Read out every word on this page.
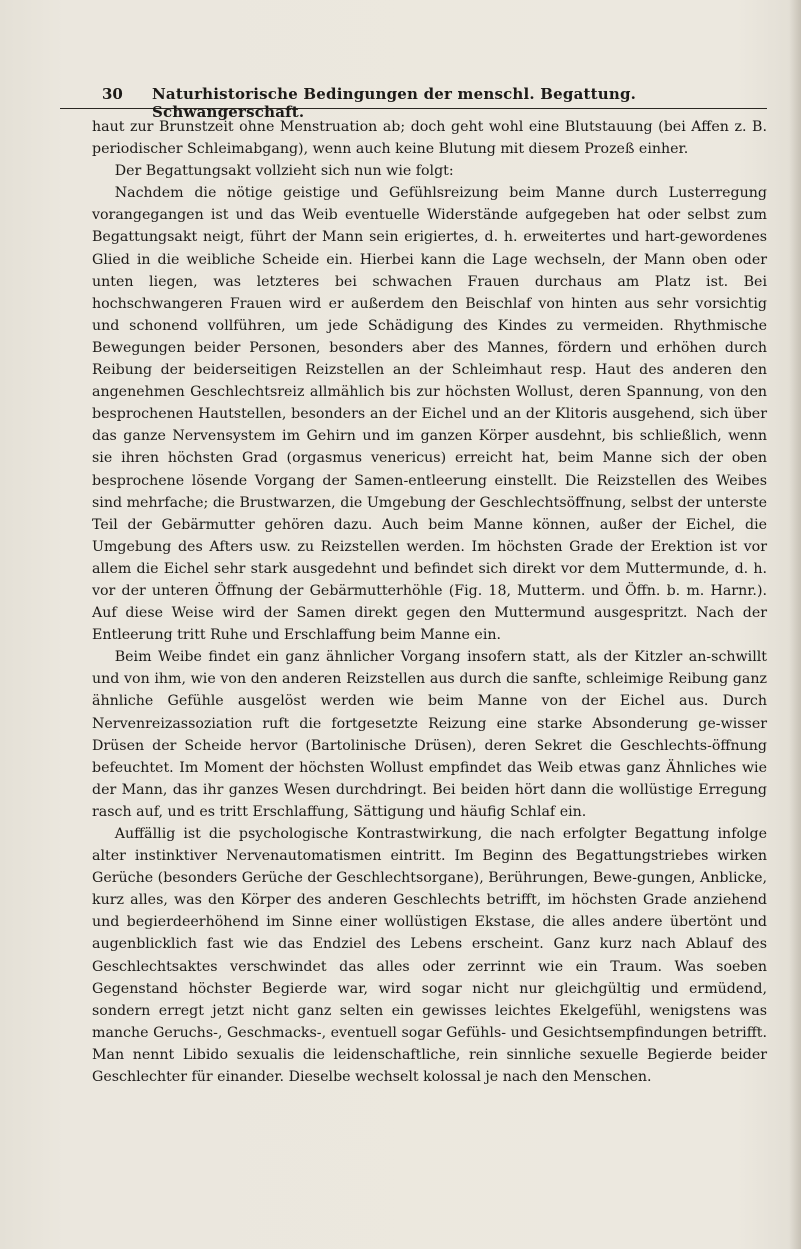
30 Naturhistorische Bedingungen der menschl. Begattung. Schwangerschaft.

haut zur Brunstzeit ohne Menstruation ab; doch geht wohl eine Blutstauung (bei Affen z. B. periodischer Schleimabgang), wenn auch keine Blutung mit diesem Prozeß einher.

Der Begattungsakt vollzieht sich nun wie folgt:

Nachdem die nötige geistige und Gefühlsreizung beim Manne durch Lusterregung vorangegangen ist und das Weib eventuelle Widerstände aufgegeben hat oder selbst zum Begattungsakt neigt, führt der Mann sein erigiertes, d. h. erweitertes und hart-gewordenes Glied in die weibliche Scheide ein. Hierbei kann die Lage wechseln, der Mann oben oder unten liegen, was letzteres bei schwachen Frauen durchaus am Platz ist. Bei hochschwangeren Frauen wird er außerdem den Beischlaf von hinten aus sehr vorsichtig und schonend vollführen, um jede Schädigung des Kindes zu vermeiden. Rhythmische Bewegungen beider Personen, besonders aber des Mannes, fördern und erhöhen durch Reibung der beiderseitigen Reizstellen an der Schleimhaut resp. Haut des anderen den angenehmen Geschlechtsreiz allmählich bis zur höchsten Wollust, deren Spannung, von den besprochenen Hautstellen, besonders an der Eichel und an der Klitoris ausgehend, sich über das ganze Nervensystem im Gehirn und im ganzen Körper ausdehnt, bis schließlich, wenn sie ihren höchsten Grad (orgasmus venericus) erreicht hat, beim Manne sich der oben besprochene lösende Vorgang der Samen-entleerung einstellt. Die Reizstellen des Weibes sind mehrfache; die Brustwarzen, die Umgebung der Geschlechtsöffnung, selbst der unterste Teil der Gebärmutter gehören dazu. Auch beim Manne können, außer der Eichel, die Umgebung des Afters usw. zu Reizstellen werden. Im höchsten Grade der Erektion ist vor allem die Eichel sehr stark ausgedehnt und befindet sich direkt vor dem Muttermunde, d. h. vor der unteren Öffnung der Gebärmutterhöhle (Fig. 18, Mutterm. und Öffn. b. m. Harnr.). Auf diese Weise wird der Samen direkt gegen den Muttermund ausgespritzt. Nach der Entleerung tritt Ruhe und Erschlaffung beim Manne ein.

Beim Weibe findet ein ganz ähnlicher Vorgang insofern statt, als der Kitzler an-schwillt und von ihm, wie von den anderen Reizstellen aus durch die sanfte, schleimige Reibung ganz ähnliche Gefühle ausgelöst werden wie beim Manne von der Eichel aus. Durch Nervenreizassoziation ruft die fortgesetzte Reizung eine starke Absonderung ge-wisser Drüsen der Scheide hervor (Bartolinische Drüsen), deren Sekret die Geschlechts-öffnung befeuchtet. Im Moment der höchsten Wollust empfindet das Weib etwas ganz Ähnliches wie der Mann, das ihr ganzes Wesen durchdringt. Bei beiden hört dann die wollüstige Erregung rasch auf, und es tritt Erschlaffung, Sättigung und häufig Schlaf ein.

Auffällig ist die psychologische Kontrastwirkung, die nach erfolgter Begattung infolge alter instinktiver Nervenautomatismen eintritt. Im Beginn des Begattungstriebes wirken Gerüche (besonders Gerüche der Geschlechtsorgane), Berührungen, Bewe-gungen, Anblicke, kurz alles, was den Körper des anderen Geschlechts betrifft, im höchsten Grade anziehend und begierdeerhöhend im Sinne einer wollüstigen Ekstase, die alles andere übertönt und augenblicklich fast wie das Endziel des Lebens erscheint. Ganz kurz nach Ablauf des Geschlechtsaktes verschwindet das alles oder zerrinnt wie ein Traum. Was soeben Gegenstand höchster Begierde war, wird sogar nicht nur gleichgültig und ermüdend, sondern erregt jetzt nicht ganz selten ein gewisses leichtes Ekelgefühl, wenigstens was manche Geruchs-, Geschmacks-, eventuell sogar Gefühls- und Gesichtsempfindungen betrifft. Man nennt Libido sexualis die leidenschaftliche, rein sinnliche sexuelle Begierde beider Geschlechter für einander. Dieselbe wechselt kolossal je nach den Menschen.
